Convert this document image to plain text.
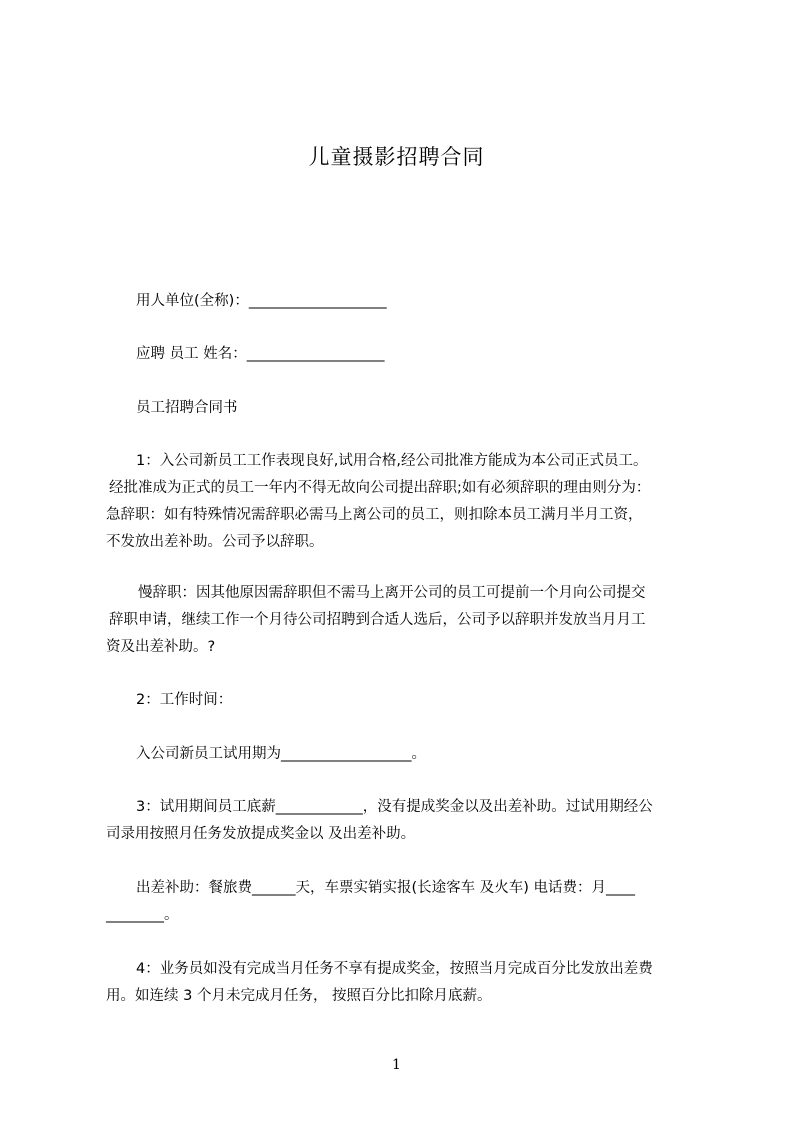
儿童摄影招聘合同
用人单位(全称)：___________________
应聘 员工 姓名：___________________
员工招聘合同书
1：入公司新员工工作表现良好,试用合格,经公司批准方能成为本公司正式员工。
经批准成为正式的员工一年内不得无故向公司提出辞职;如有必须辞职的理由则分为：
急辞职：如有特殊情况需辞职必需马上离公司的员工，则扣除本员工满月半月工资，
不发放出差补助。公司予以辞职。
慢辞职：因其他原因需辞职但不需马上离开公司的员工可提前一个月向公司提交
辞职申请，继续工作一个月待公司招聘到合适人选后，公司予以辞职并发放当月月工
资及出差补助。?
2：工作时间：
入公司新员工试用期为__________________。
3：试用期间员工底薪____________，没有提成奖金以及出差补助。过试用期经公
司录用按照月任务发放提成奖金以 及出差补助。
出差补助：餐旅费______天，车票实销实报(长途客车 及火车) 电话费：月____
________。
4：业务员如没有完成当月任务不享有提成奖金，按照当月完成百分比发放出差费
用。如连续 3 个月未完成月任务， 按照百分比扣除月底薪。
1
